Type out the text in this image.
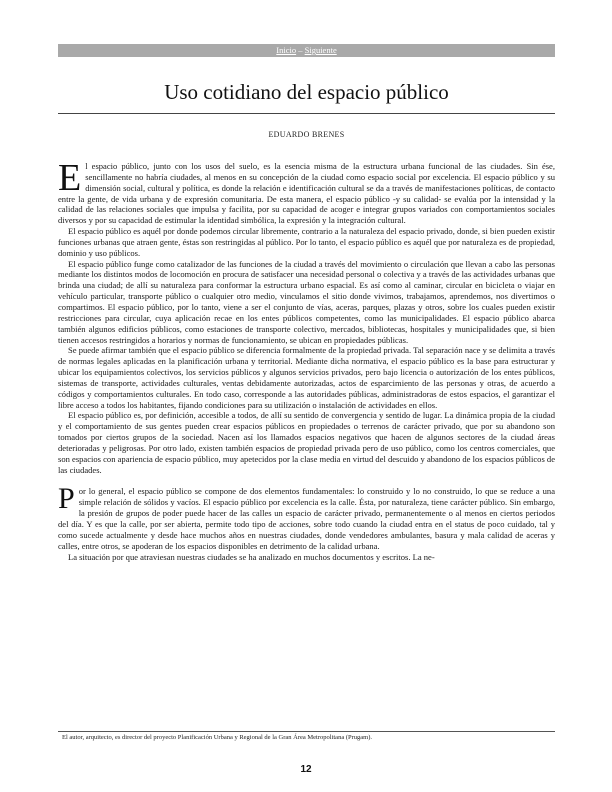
Inicio – Siguiente
Uso cotidiano del espacio público
EDUARDO BRENES

El espacio público, junto con los usos del suelo, es la esencia misma de la estructura urbana funcional de las ciudades. Sin ése, sencillamente no habría ciudades, al menos en su concepción de la ciudad como espacio social por excelencia. El espacio público y su dimensión social, cultural y política, es donde la relación e identificación cultural se da a través de manifestaciones políticas, de contacto entre la gente, de vida urbana y de expresión comunitaria. De esta manera, el espacio público -y su calidad- se evalúa por la intensidad y la calidad de las relaciones sociales que impulsa y facilita, por su capacidad de acoger e integrar grupos variados con comportamientos sociales diversos y por su capacidad de estimular la identidad simbólica, la expresión y la integración cultural.

El espacio público es aquél por donde podemos circular libremente, contrario a la naturaleza del espacio privado, donde, si bien pueden existir funciones urbanas que atraen gente, éstas son restringidas al público. Por lo tanto, el espacio público es aquél que por naturaleza es de propiedad, dominio y uso públicos.

El espacio público funge como catalizador de las funciones de la ciudad a través del movimiento o circulación que llevan a cabo las personas mediante los distintos modos de locomoción en procura de satisfacer una necesidad personal o colectiva y a través de las actividades urbanas que brinda una ciudad; de allí su naturaleza para conformar la estructura urbano espacial. Es así como al caminar, circular en bicicleta o viajar en vehículo particular, transporte público o cualquier otro medio, vinculamos el sitio donde vivimos, trabajamos, aprendemos, nos divertimos o compartimos. El espacio público, por lo tanto, viene a ser el conjunto de vías, aceras, parques, plazas y otros, sobre los cuales pueden existir restricciones para circular, cuya aplicación recae en los entes públicos competentes, como las municipalidades. El espacio público abarca también algunos edificios públicos, como estaciones de transporte colectivo, mercados, bibliotecas, hospitales y municipalidades que, si bien tienen accesos restringidos a horarios y normas de funcionamiento, se ubican en propiedades públicas.

Se puede afirmar también que el espacio público se diferencia formalmente de la propiedad privada. Tal separación nace y se delimita a través de normas legales aplicadas en la planificación urbana y territorial. Mediante dicha normativa, el espacio público es la base para estructurar y ubicar los equipamientos colectivos, los servicios públicos y algunos servicios privados, pero bajo licencia o autorización de los entes públicos, sistemas de transporte, actividades culturales, ventas debidamente autorizadas, actos de esparcimiento de las personas y otras, de acuerdo a códigos y comportamientos culturales. En todo caso, corresponde a las autoridades públicas, administradoras de estos espacios, el garantizar el libre acceso a todos los habitantes, fijando condiciones para su utilización o instalación de actividades en ellos.

El espacio público es, por definición, accesible a todos, de allí su sentido de convergencia y sentido de lugar. La dinámica propia de la ciudad y el comportamiento de sus gentes pueden crear espacios públicos en propiedades o terrenos de carácter privado, que por su abandono son tomados por ciertos grupos de la sociedad. Nacen así los llamados espacios negativos que hacen de algunos sectores de la ciudad áreas deterioradas y peligrosas. Por otro lado, existen también espacios de propiedad privada pero de uso público, como los centros comerciales, que son espacios con apariencia de espacio público, muy apetecidos por la clase media en virtud del descuido y abandono de los espacios públicos de las ciudades.

Por lo general, el espacio público se compone de dos elementos fundamentales: lo construido y lo no construido, lo que se reduce a una simple relación de sólidos y vacíos. El espacio público por excelencia es la calle. Ésta, por naturaleza, tiene carácter público. Sin embargo, la presión de grupos de poder puede hacer de las calles un espacio de carácter privado, permanentemente o al menos en ciertos periodos del día. Y es que la calle, por ser abierta, permite todo tipo de acciones, sobre todo cuando la ciudad entra en el status de poco cuidado, tal y como sucede actualmente y desde hace muchos años en nuestras ciudades, donde vendedores ambulantes, basura y mala calidad de aceras y calles, entre otros, se apoderan de los espacios disponibles en detrimento de la calidad urbana.

La situación por que atraviesan nuestras ciudades se ha analizado en muchos documentos y escritos. La ne-

El autor, arquitecto, es director del proyecto Planificación Urbana y Regional de la Gran Área Metropolitana (Prugam).
12
